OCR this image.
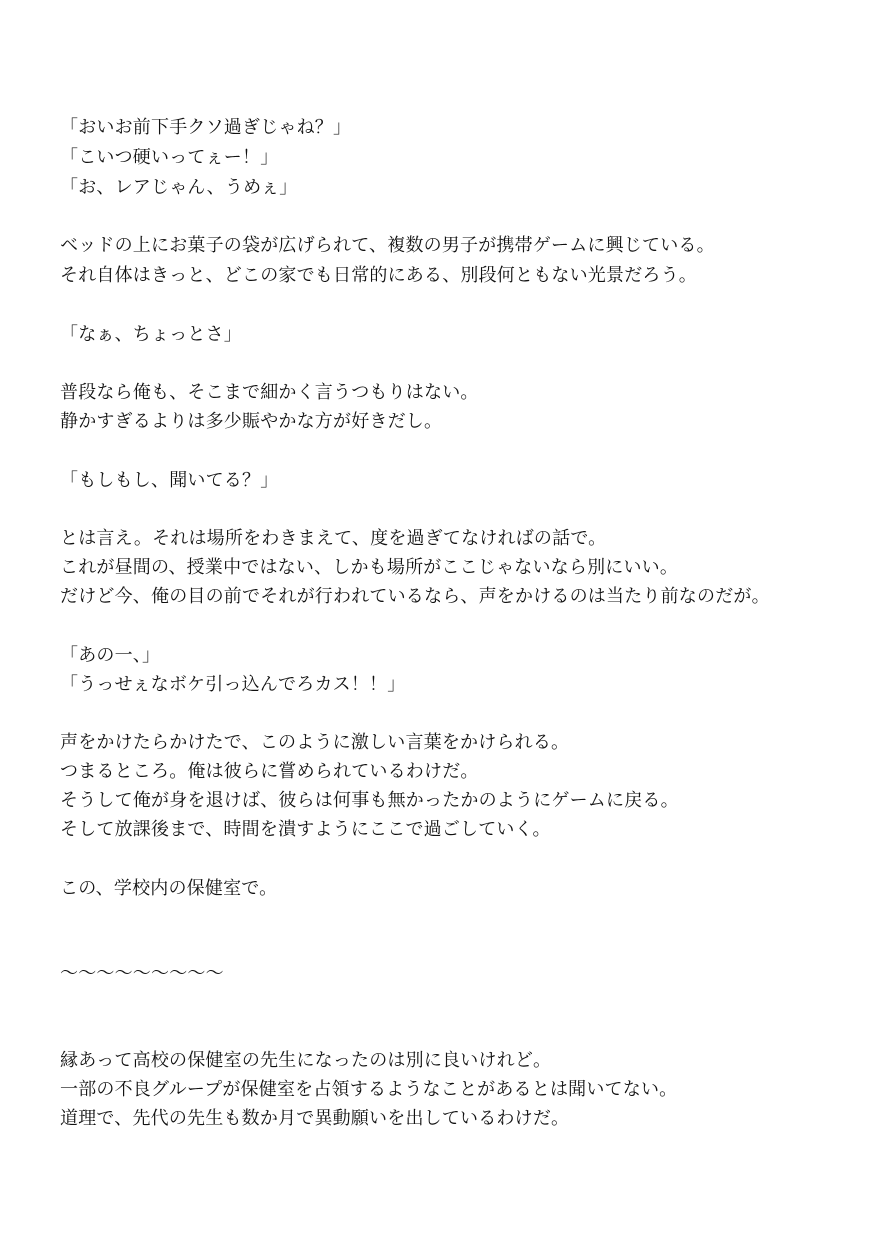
「おいお前下手クソ過ぎじゃね？」
「こいつ硬いってぇー！」
「お、レアじゃん、うめぇ」
ベッドの上にお菓子の袋が広げられて、複数の男子が携帯ゲームに興じている。
それ自体はきっと、どこの家でも日常的にある、別段何ともない光景だろう。
「なぁ、ちょっとさ」
普段なら俺も、そこまで細かく言うつもりはない。
静かすぎるよりは多少賑やかな方が好きだし。
「もしもし、聞いてる？」
とは言え。それは場所をわきまえて、度を過ぎてなければの話で。
これが昼間の、授業中ではない、しかも場所がここじゃないなら別にいい。
だけど今、俺の目の前でそれが行われているなら、声をかけるのは当たり前なのだが。
「あの一、」
「うっせぇなボケ引っ込んでろカス！！」
声をかけたらかけたで、このように激しい言葉をかけられる。
つまるところ。俺は彼らに嘗められているわけだ。
そうして俺が身を退けば、彼らは何事も無かったかのようにゲームに戻る。
そして放課後まで、時間を潰すようにここで過ごしていく。
この、学校内の保健室で。
〜〜〜〜〜〜〜〜〜
縁あって高校の保健室の先生になったのは別に良いけれど。
一部の不良グループが保健室を占領するようなことがあるとは聞いてない。
道理で、先代の先生も数か月で異動願いを出しているわけだ。
